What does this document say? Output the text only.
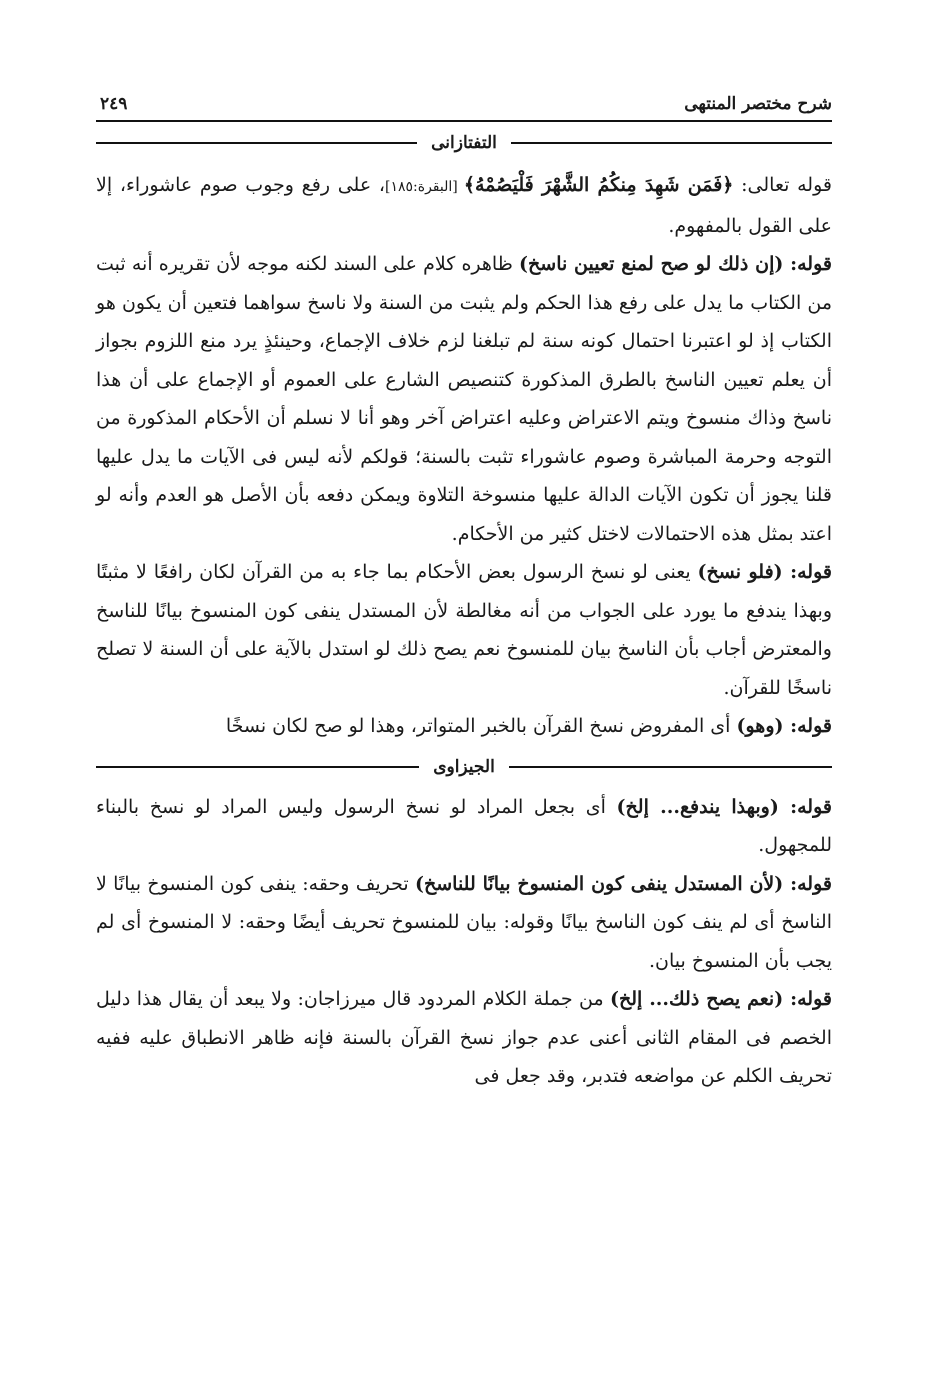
شرح مختصر المنتهى
٢٤٩
التفتازانى

قوله تعالى: ﴿فَمَن شَهِدَ مِنكُمُ الشَّهْرَ فَلْيَصُمْهُ﴾ [البقرة:١٨٥]، على رفع وجوب صوم عاشوراء، إلا على القول بالمفهوم.

قوله: (إن ذلك لو صح لمنع تعيين ناسخ) ظاهره كلام على السند لكنه موجه لأن تقريره أنه ثبت من الكتاب ما يدل على رفع هذا الحكم ولم يثبت من السنة ولا ناسخ سواهما فتعين أن يكون هو الكتاب إذ لو اعتبرنا احتمال كونه سنة لم تبلغنا لزم خلاف الإجماع، وحينئذٍ يرد منع اللزوم بجواز أن يعلم تعيين الناسخ بالطرق المذكورة كتنصيص الشارع على العموم أو الإجماع على أن هذا ناسخ وذاك منسوخ ويتم الاعتراض وعليه اعتراض آخر وهو أنا لا نسلم أن الأحكام المذكورة من التوجه وحرمة المباشرة وصوم عاشوراء تثبت بالسنة؛ قولكم لأنه ليس فى الآيات ما يدل عليها قلنا يجوز أن تكون الآيات الدالة عليها منسوخة التلاوة ويمكن دفعه بأن الأصل هو العدم وأنه لو اعتد بمثل هذه الاحتمالات لاختل كثير من الأحكام.

قوله: (فلو نسخ) يعنى لو نسخ الرسول بعض الأحكام بما جاء به من القرآن لكان رافعًا لا مثبتًا وبهذا يندفع ما يورد على الجواب من أنه مغالطة لأن المستدل ينفى كون المنسوخ بيانًا للناسخ والمعترض أجاب بأن الناسخ بيان للمنسوخ نعم يصح ذلك لو استدل بالآية على أن السنة لا تصلح ناسخًا للقرآن.

قوله: (وهو) أى المفروض نسخ القرآن بالخبر المتواتر، وهذا لو صح لكان نسخًا

الجيزاوى

قوله: (وبهذا يندفع... إلخ) أى بجعل المراد لو نسخ الرسول وليس المراد لو نسخ بالبناء للمجهول.

قوله: (لأن المستدل ينفى كون المنسوخ بيانًا للناسخ) تحريف وحقه: ينفى كون المنسوخ بيانًا لا الناسخ أى لم ينف كون الناسخ بيانًا وقوله: بيان للمنسوخ تحريف أيضًا وحقه: لا المنسوخ أى لم يجب بأن المنسوخ بيان.

قوله: (نعم يصح ذلك... إلخ) من جملة الكلام المردود قال ميرزاجان: ولا يبعد أن يقال هذا دليل الخصم فى المقام الثانى أعنى عدم جواز نسخ القرآن بالسنة فإنه ظاهر الانطباق عليه ففيه تحريف الكلم عن مواضعه فتدبر، وقد جعل فى
